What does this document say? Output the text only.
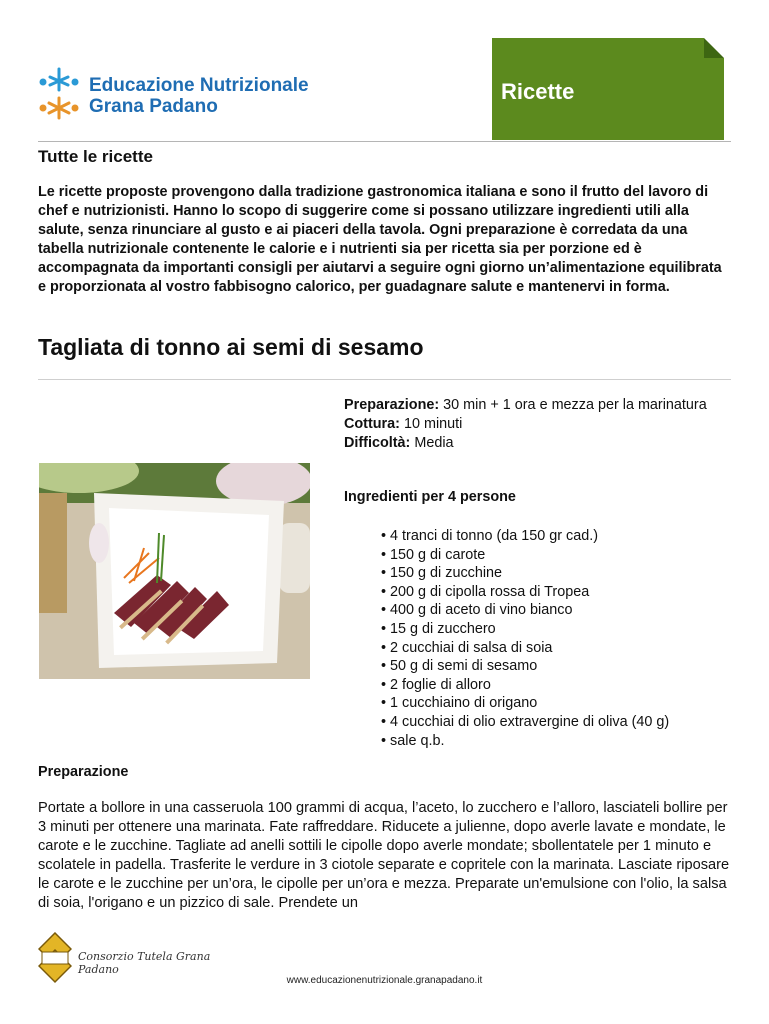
Educazione Nutrizionale
Grana Padano
Ricette
Tutte le ricette
Le ricette proposte provengono dalla tradizione gastronomica italiana e sono il frutto del lavoro di chef e nutrizionisti. Hanno lo scopo di suggerire come si possano utilizzare ingredienti utili alla salute, senza rinunciare al gusto e ai piaceri della tavola. Ogni preparazione è corredata da una tabella nutrizionale contenente le calorie e i nutrienti sia per ricetta sia per porzione ed è accompagnata da importanti consigli per aiutarvi a seguire ogni giorno un’alimentazione equilibrata e proporzionata al vostro fabbisogno calorico, per guadagnare salute e mantenervi in forma.
Tagliata di tonno ai semi di sesamo
Preparazione: 30 min + 1 ora e mezza per la marinatura
Cottura: 10 minuti
Difficoltà: Media
Ingredienti per 4 persone
• 4 tranci di tonno (da 150 gr cad.)
• 150 g di carote
• 150 g di zucchine
• 200 g di cipolla rossa di Tropea
• 400 g di aceto di vino bianco
• 15 g di zucchero
• 2 cucchiai di salsa di soia
• 50 g di semi di sesamo
• 2 foglie di alloro
• 1 cucchiaino di origano
• 4 cucchiai di olio extravergine di oliva (40 g)
• sale q.b.
Preparazione
Portate a bollore in una casseruola 100 grammi di acqua, l’aceto, lo zucchero e l’alloro, lasciateli bollire per 3 minuti per ottenere una marinata. Fate raffreddare. Riducete a julienne, dopo averle lavate e mondate, le carote e le zucchine. Tagliate ad anelli sottili le cipolle dopo averle mondate; sbollentatele per 1 minuto e scolatele in padella. Trasferite le verdure in 3 ciotole separate e copritele con la marinata. Lasciate riposare le carote e le zucchine per un’ora, le cipolle per un’ora e mezza. Preparate un'emulsione con l'olio, la salsa di soia, l'origano e un pizzico di sale. Prendete un
Consorzio Tutela Grana Padano
www.educazionenutrizionale.granapadano.it
